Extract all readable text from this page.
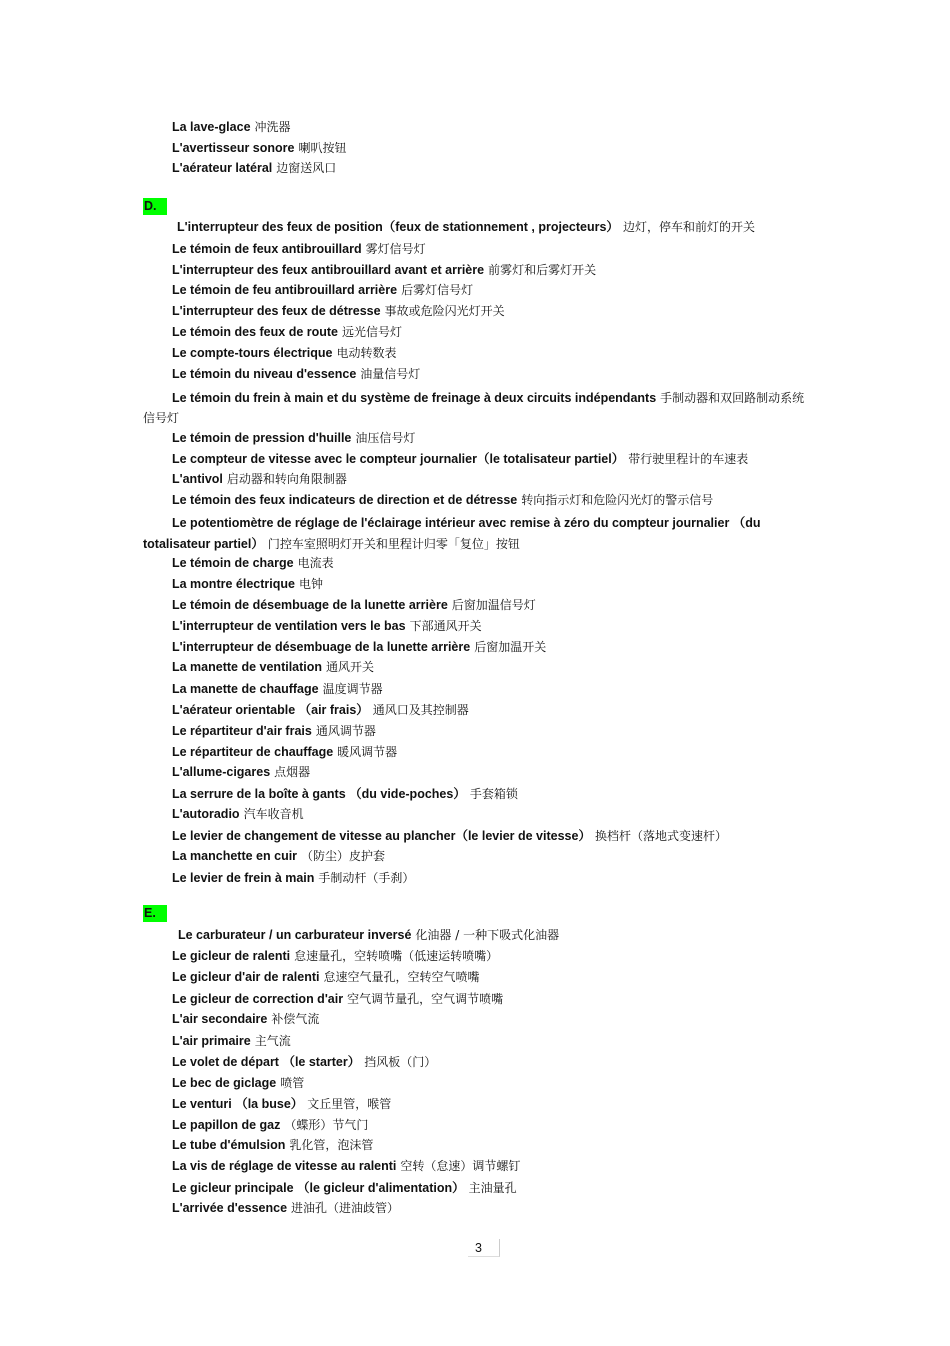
La lave-glace 冲洗器
L'avertisseur sonore 喇叭按钮
L'aérateur latéral 边窗送风口
D.
L'interrupteur des feux de position（feux de stationnement , projecteurs） 边灯，停车和前灯的开关
Le témoin de feux antibrouillard 雾灯信号灯
L'interrupteur des feux antibrouillard avant et arrière 前雾灯和后雾灯开关
Le témoin de feu antibrouillard arrière 后雾灯信号灯
L'interrupteur des feux de détresse 事故或危险闪光灯开关
Le témoin des feux de route 远光信号灯
Le compte-tours électrique 电动转数表
Le témoin du niveau d'essence 油量信号灯
Le témoin du frein à main et du système de freinage à deux circuits indépendants 手制动器和双回路制动系统信号灯
Le témoin de pression d'huille 油压信号灯
Le compteur de vitesse avec le compteur journalier（le totalisateur partiel） 带行驶里程计的车速表
L'antivol 启动器和转向角限制器
Le témoin des feux indicateurs de direction et de détresse 转向指示灯和危险闪光灯的警示信号
Le potentiomètre de réglage de l'éclairage intérieur avec remise à zéro du compteur journalier （du totalisateur partiel） 门控车室照明灯开关和里程计归零「复位」按钮
Le témoin de charge 电流表
La montre électrique 电钟
Le témoin de désembuage de la lunette arrière 后窗加温信号灯
L'interrupteur de ventilation vers le bas 下部通风开关
L'interrupteur de désembuage de la lunette arrière 后窗加温开关
La manette de ventilation 通风开关
La manette de chauffage 温度调节器
L'aérateur orientable （air frais） 通风口及其控制器
Le répartiteur d'air frais 通风调节器
Le répartiteur de chauffage 暖风调节器
L'allume-cigares 点烟器
La serrure de la boîte à gants （du vide-poches） 手套箱锁
L'autoradio 汽车收音机
Le levier de changement de vitesse au plancher（le levier de vitesse） 换档杆（落地式变速杆）
La manchette en cuir （防尘）皮护套
Le levier de frein à main 手制动杆（手刹）
E.
Le carburateur / un carburateur inversé 化油器 / 一种下吸式化油器
Le gicleur de ralenti 怠速量孔，空转喷嘴（低速运转喷嘴）
Le gicleur d'air de ralenti 怠速空气量孔，空转空气喷嘴
Le gicleur de correction d'air 空气调节量孔，空气调节喷嘴
L'air secondaire 补偿气流
L'air primaire 主气流
Le volet de départ （le starter） 挡风板（门）
Le bec de giclage 喷管
Le venturi （la buse） 文丘里管，喉管
Le papillon de gaz （蝶形）节气门
Le tube d'émulsion 乳化管，泡沫管
La vis de réglage de vitesse au ralenti 空转（怠速）调节螺钉
Le gicleur principale （le gicleur d'alimentation） 主油量孔
L'arrivée d'essence 进油孔（进油歧管）
3
